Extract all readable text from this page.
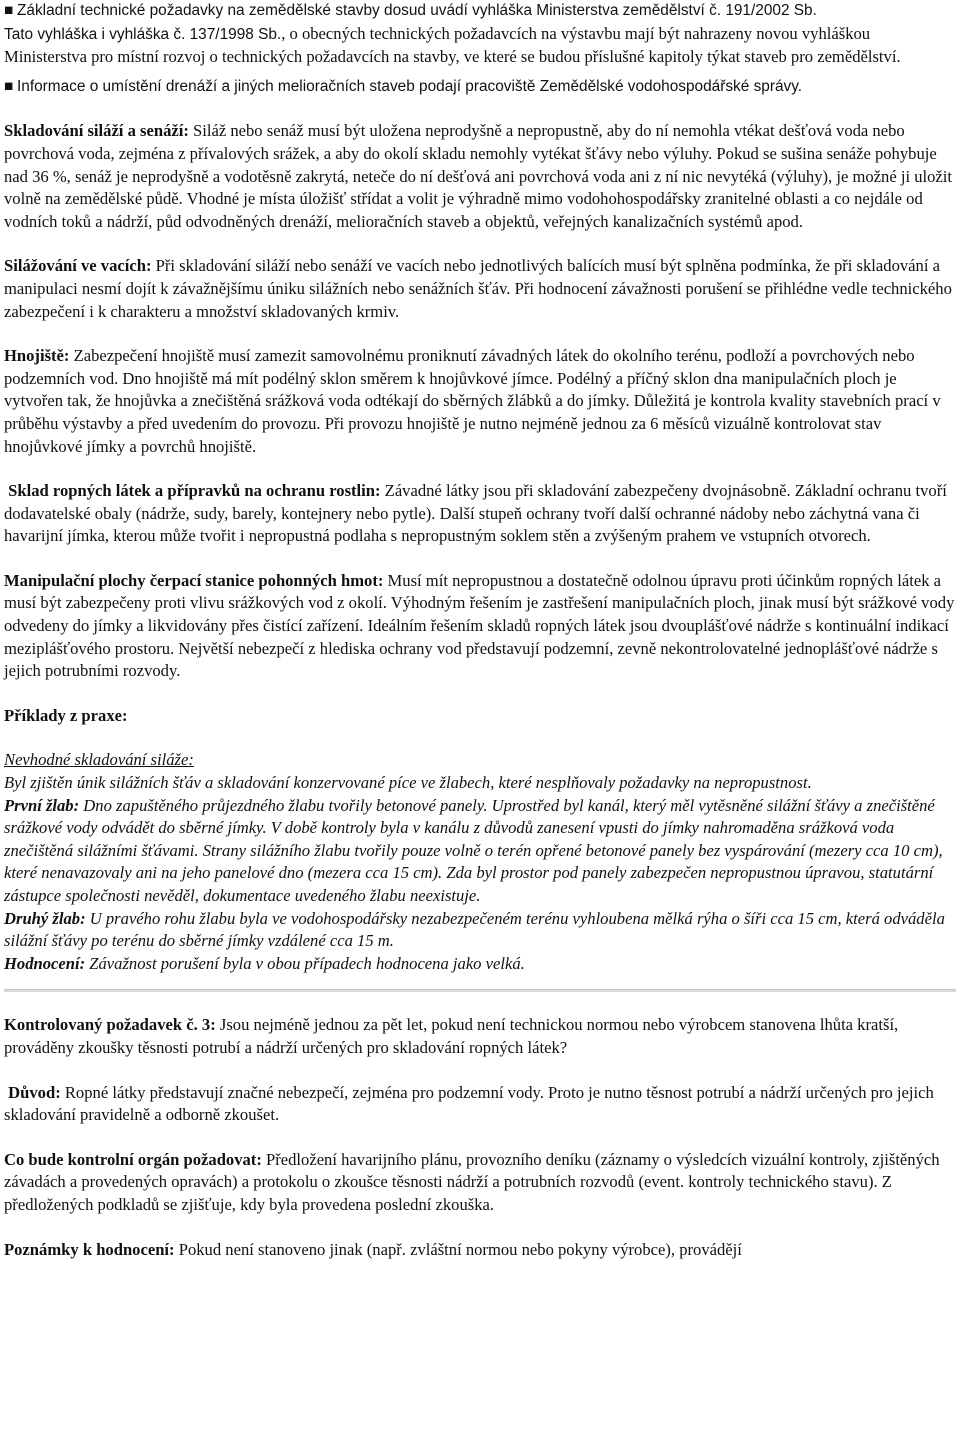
■ Základní technické požadavky na zemědělské stavby dosud uvádí vyhláška Ministerstva zemědělství č. 191/2002 Sb.
Tato vyhláška i vyhláška č. 137/1998 Sb., o obecných technických požadavcích na výstavbu mají být nahrazeny novou vyhláškou Ministerstva pro místní rozvoj o technických požadavcích na stavby, ve které se budou příslušné kapitoly týkat staveb pro zemědělství.

■ Informace o umístění drenáží a jiných melioračních staveb podají pracoviště Zemědělské vodohospodářské správy.

Skladování siláží a senáží: Siláž nebo senáž musí být uložena neprodyšně a nepropustně, aby do ní nemohla vtékat dešťová voda nebo povrchová voda, zejména z přívalových srážek, a aby do okolí skladu nemohly vytékat šťávy nebo výluhy. Pokud se sušina senáže pohybuje nad 36 %, senáž je neprodyšně a vodotěsně zakrytá, neteče do ní dešťová ani povrchová voda ani z ní nic nevytéká (výluhy), je možné ji uložit volně na zemědělské půdě. Vhodné je místa úložišť střídat a volit je výhradně mimo vodohohospodářsky zranitelné oblasti a co nejdále od vodních toků a nádrží, půd odvodněných drenáží, melioračních staveb a objektů, veřejných kanalizačních systémů apod.

Silážování ve vacích: Při skladování siláží nebo senáží ve vacích nebo jednotlivých balících musí být splněna podmínka, že při skladování a manipulaci nesmí dojít k závažnějšímu úniku silážních nebo senážních šťáv. Při hodnocení závažnosti porušení se přihlédne vedle technického zabezpečení i k charakteru a množství skladovaných krmiv.

Hnojiště: Zabezpečení hnojiště musí zamezit samovolnému proniknutí závadných látek do okolního terénu, podloží a povrchových nebo podzemních vod. Dno hnojiště má mít podélný sklon směrem k hnojůvkové jímce. Podélný a příčný sklon dna manipulačních ploch je vytvořen tak, že hnojůvka a znečištěná srážková voda odtékají do sběrných žlábků a do jímky. Důležitá je kontrola kvality stavebních prací v průběhu výstavby a před uvedením do provozu. Při provozu hnojiště je nutno nejméně jednou za 6 měsíců vizuálně kontrolovat stav hnojůvkové jímky a povrchů hnojiště.

Sklad ropných látek a přípravků na ochranu rostlin: Závadné látky jsou při skladování zabezpečeny dvojnásobně. Základní ochranu tvoří dodavatelské obaly (nádrže, sudy, barely, kontejnery nebo pytle). Další stupeň ochrany tvoří další ochranné nádoby nebo záchytná vana či havarijní jímka, kterou může tvořit i nepropustná podlaha s nepropustným soklem stěn a zvýšeným prahem ve vstupních otvorech.

Manipulační plochy čerpací stanice pohonných hmot: Musí mít nepropustnou a dostatečně odolnou úpravu proti účinkům ropných látek a musí být zabezpečeny proti vlivu srážkových vod z okolí. Výhodným řešením je zastřešení manipulačních ploch, jinak musí být srážkové vody odvedeny do jímky a likvidovány přes čistící zařízení. Ideálním řešením skladů ropných látek jsou dvouplášťové nádrže s kontinuální indikací meziplášťového prostoru. Největší nebezpečí z hlediska ochrany vod představují podzemní, zevně nekontrolovatelné jednoplášťové nádrže s jejich potrubními rozvody.

Příklady z praxe:

Nevhodné skladování siláže:

Byl zjištěn únik silážních šťáv a skladování konzervované píce ve žlabech, které nesplňovaly požadavky na nepropustnost.

První žlab: Dno zapuštěného průjezdného žlabu tvořily betonové panely. Uprostřed byl kanál, který měl vytěsněné silážní šťávy a znečištěné srážkové vody odvádět do sběrné jímky. V době kontroly byla v kanálu z důvodů zanesení vpusti do jímky nahromaděna srážková voda znečištěná silážními šťávami. Strany silážního žlabu tvořily pouze volně o terén opřené betonové panely bez vyspárování (mezery cca 10 cm), které nenavazovaly ani na jeho panelové dno (mezera cca 15 cm). Zda byl prostor pod panely zabezpečen nepropustnou úpravou, statutární zástupce společnosti nevěděl, dokumentace uvedeného žlabu neexistuje.

Druhý žlab: U pravého rohu žlabu byla ve vodohospodářsky nezabezpečeném terénu vyhloubena mělká rýha o šíři cca 15 cm, která odváděla silážní šťávy po terénu do sběrné jímky vzdálené cca 15 m.

Hodnocení: Závažnost porušení byla v obou případech hodnocena jako velká.

Kontrolovaný požadavek č. 3: Jsou nejméně jednou za pět let, pokud není technickou normou nebo výrobcem stanovena lhůta kratší, prováděny zkoušky těsnosti potrubí a nádrží určených pro skladování ropných látek?

Důvod: Ropné látky představují značné nebezpečí, zejména pro podzemní vody. Proto je nutno těsnost potrubí a nádrží určených pro jejich skladování pravidelně a odborně zkoušet.

Co bude kontrolní orgán požadovat: Předložení havarijního plánu, provozního deníku (záznamy o výsledcích vizuální kontroly, zjištěných závadách a provedených opravách) a protokolu o zkoušce těsnosti nádrží a potrubních rozvodů (event. kontroly technického stavu). Z předložených podkladů se zjišťuje, kdy byla provedena poslední zkouška.

Poznámky k hodnocení: Pokud není stanoveno jinak (např. zvláštní normou nebo pokyny výrobce), provádějí
